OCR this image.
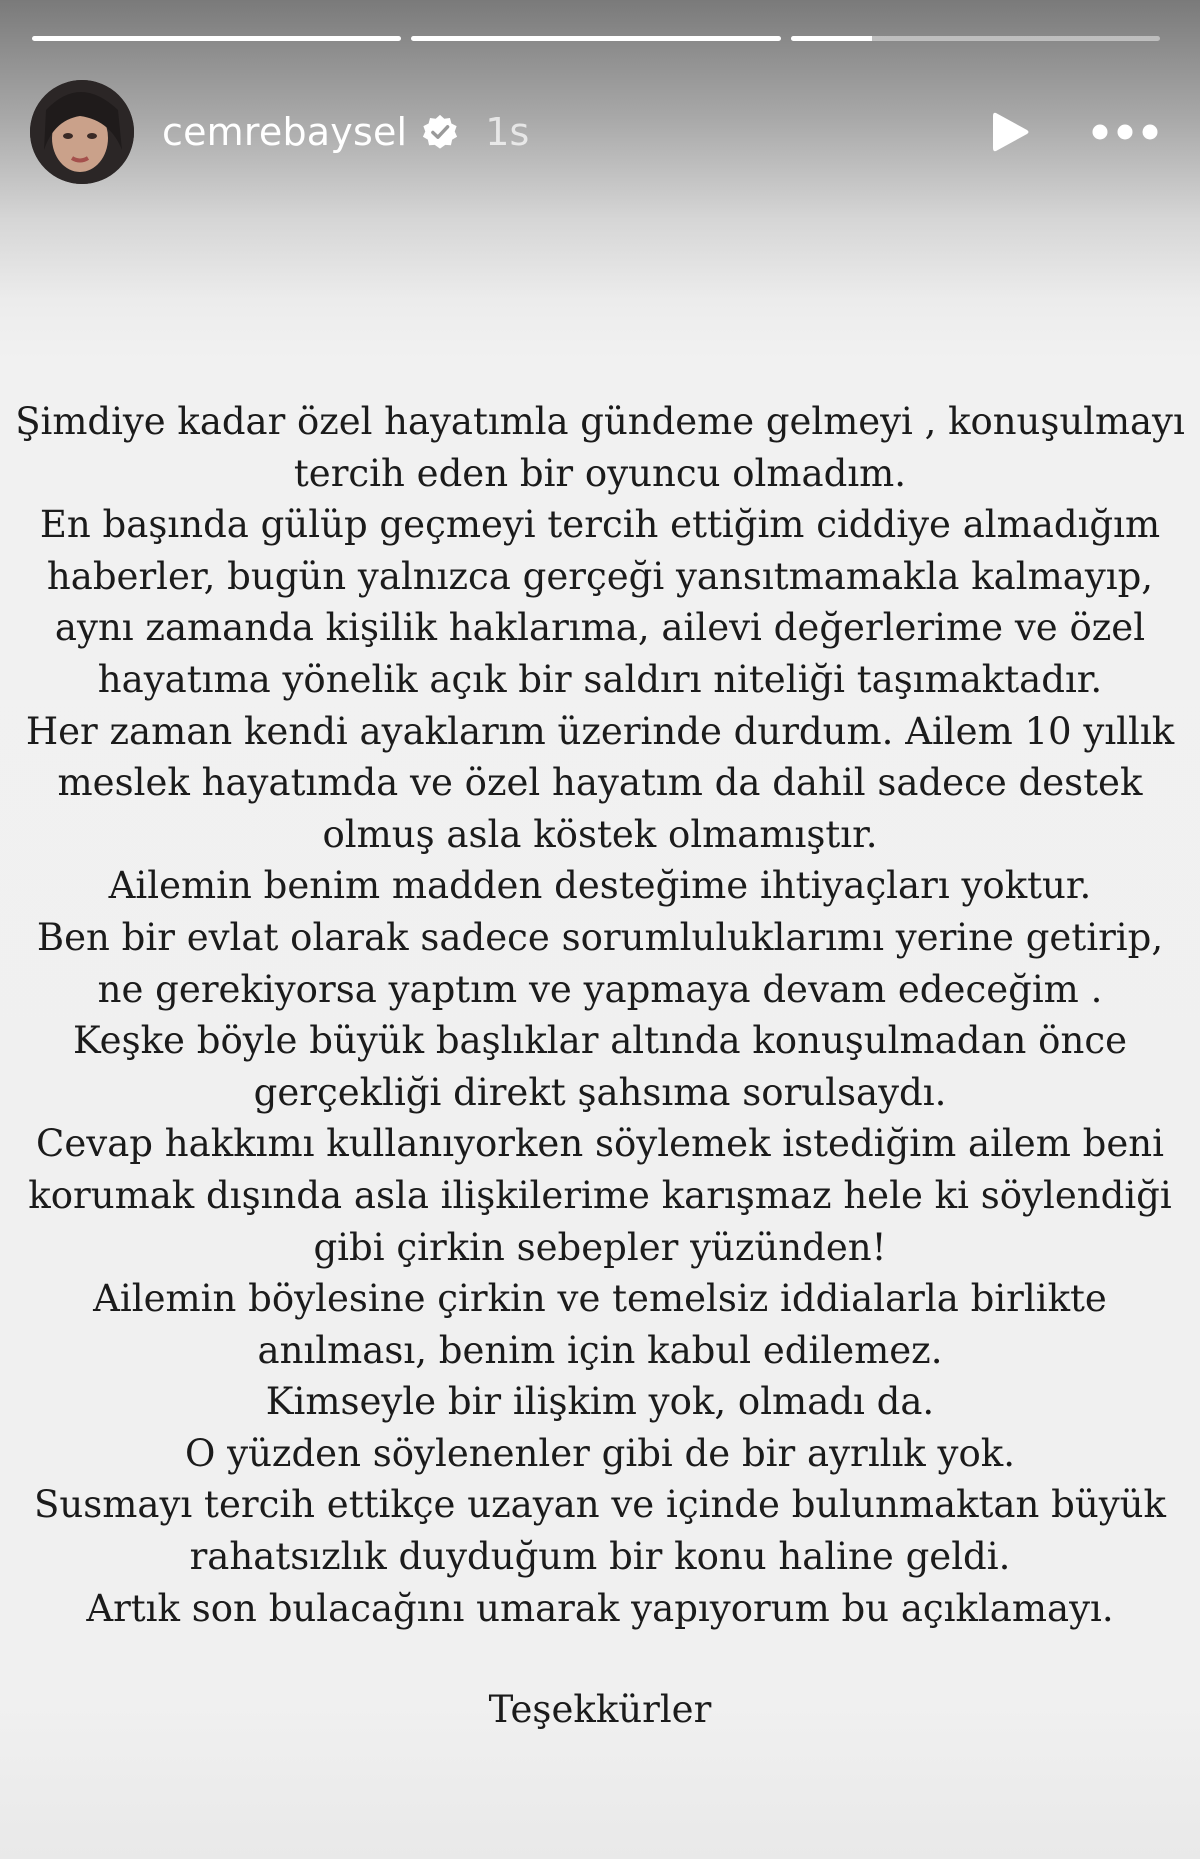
cemrebaysel 1s
Şimdiye kadar özel hayatımla gündeme gelmeyi , konuşulmayı
tercih eden bir oyuncu olmadım.
En başında gülüp geçmeyi tercih ettiğim ciddiye almadığım
haberler, bugün yalnızca gerçeği yansıtmamakla kalmayıp,
aynı zamanda kişilik haklarıma, ailevi değerlerime ve özel
hayatıma yönelik açık bir saldırı niteliği taşımaktadır.
Her zaman kendi ayaklarım üzerinde durdum. Ailem 10 yıllık
meslek hayatımda ve özel hayatım da dahil sadece destek
olmuş asla köstek olmamıştır.
Ailemin benim madden desteğime ihtiyaçları yoktur.
Ben bir evlat olarak sadece sorumluluklarımı yerine getirip,
ne gerekiyorsa yaptım ve yapmaya devam edeceğim .
Keşke böyle büyük başlıklar altında konuşulmadan önce
gerçekliği direkt şahsıma sorulsaydı.
Cevap hakkımı kullanıyorken söylemek istediğim ailem beni
korumak dışında asla ilişkilerime karışmaz hele ki söylendiği
gibi çirkin sebepler yüzünden!
Ailemin böylesine çirkin ve temelsiz iddialarla birlikte
anılması, benim için kabul edilemez.
Kimseyle bir ilişkim yok, olmadı da.
O yüzden söylenenler gibi de bir ayrılık yok.
Susmayı tercih ettikçe uzayan ve içinde bulunmaktan büyük
rahatsızlık duyduğum bir konu haline geldi.
Artık son bulacağını umarak yapıyorum bu açıklamayı.
Teşekkürler
